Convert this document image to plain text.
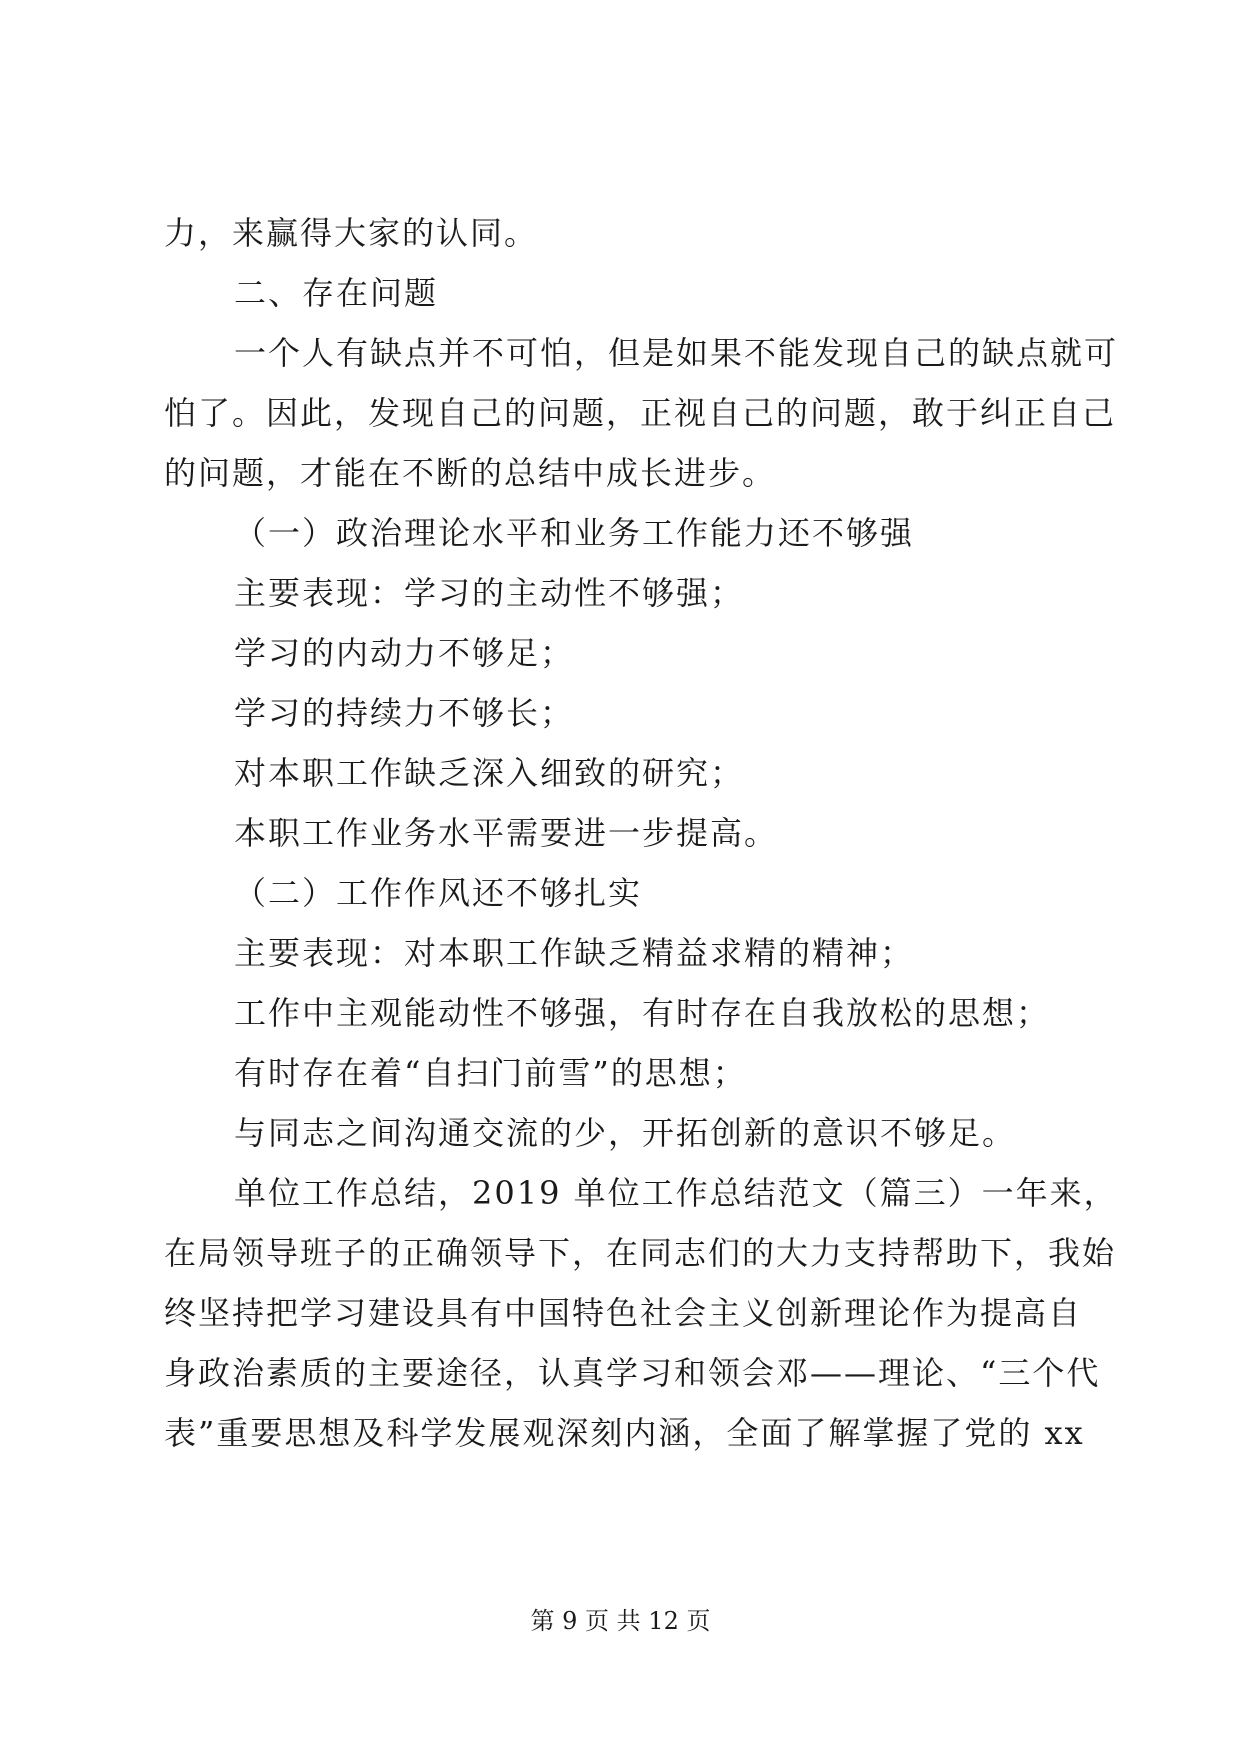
力，来赢得大家的认同。
二、存在问题
一个人有缺点并不可怕，但是如果不能发现自己的缺点就可
怕了。因此，发现自己的问题，正视自己的问题，敢于纠正自己
的问题，才能在不断的总结中成长进步。
（一）政治理论水平和业务工作能力还不够强
主要表现：学习的主动性不够强；
学习的内动力不够足；
学习的持续力不够长；
对本职工作缺乏深入细致的研究；
本职工作业务水平需要进一步提高。
（二）工作作风还不够扎实
主要表现：对本职工作缺乏精益求精的精神；
工作中主观能动性不够强，有时存在自我放松的思想；
有时存在着“自扫门前雪”的思想；
与同志之间沟通交流的少，开拓创新的意识不够足。
单位工作总结，2019 单位工作总结范文（篇三）一年来，
在局领导班子的正确领导下，在同志们的大力支持帮助下，我始
终坚持把学习建设具有中国特色社会主义创新理论作为提高自
身政治素质的主要途径，认真学习和领会邓——理论、“三个代
表”重要思想及科学发展观深刻内涵，全面了解掌握了党的 xx
第 9 页 共 12 页
